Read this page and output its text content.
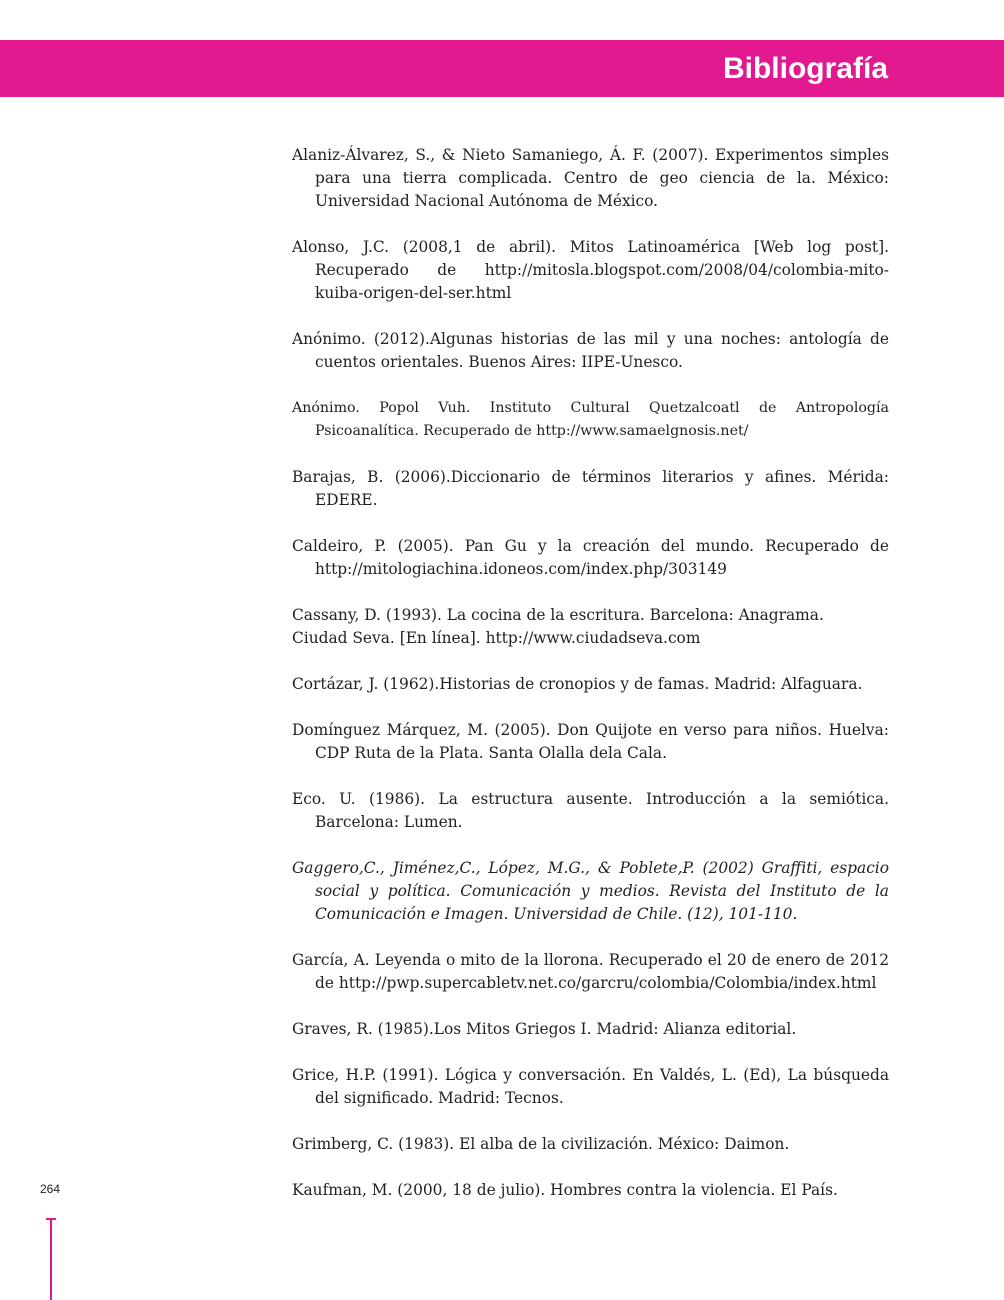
Bibliografía
Alaniz-Álvarez, S., & Nieto Samaniego, Á. F. (2007). Experimentos simples para una tierra complicada. Centro de geo ciencia de la. México: Universidad Nacional Autónoma de México.
Alonso, J.C. (2008,1 de abril). Mitos Latinoamérica [Web log post]. Recuperado de http://mitosla.blogspot.com/2008/04/colombia-mito-kuiba-origen-del-ser.html
Anónimo. (2012).Algunas historias de las mil y una noches: antología de cuentos orientales. Buenos Aires: IIPE-Unesco.
Anónimo. Popol Vuh. Instituto Cultural Quetzalcoatl de Antropología Psicoanalítica. Recuperado de http://www.samaelgnosis.net/
Barajas, B. (2006).Diccionario de términos literarios y afines. Mérida: EDERE.
Caldeiro, P. (2005). Pan Gu y la creación del mundo. Recuperado de http://mitologiachina.idoneos.com/index.php/303149
Cassany, D. (1993). La cocina de la escritura. Barcelona: Anagrama.
Ciudad Seva. [En línea]. http://www.ciudadseva.com
Cortázar, J. (1962).Historias de cronopios y de famas. Madrid: Alfaguara.
Domínguez Márquez, M. (2005). Don Quijote en verso para niños. Huelva: CDP Ruta de la Plata. Santa Olalla dela Cala.
Eco. U. (1986). La estructura ausente. Introducción a la semiótica. Barcelona: Lumen.
Gaggero,C., Jiménez,C., López, M.G., & Poblete,P. (2002) Graffiti, espacio social y política. Comunicación y medios. Revista del Instituto de la Comunicación e Imagen. Universidad de Chile. (12), 101-110.
García, A. Leyenda o mito de la llorona. Recuperado el 20 de enero de 2012 de http://pwp.supercabletv.net.co/garcru/colombia/Colombia/index.html
Graves, R. (1985).Los Mitos Griegos I. Madrid: Alianza editorial.
Grice, H.P. (1991). Lógica y conversación. En Valdés, L. (Ed), La búsqueda del significado. Madrid: Tecnos.
Grimberg, C. (1983). El alba de la civilización. México: Daimon.
Kaufman, M. (2000, 18 de julio). Hombres contra la violencia. El País.
264
